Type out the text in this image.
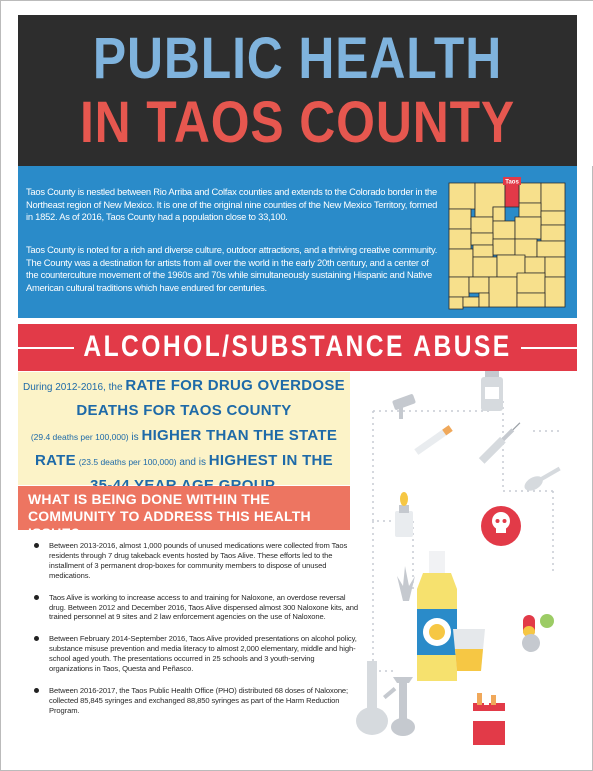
PUBLIC HEALTH
IN TAOS COUNTY

Taos County is nestled between Rio Arriba and Colfax counties and extends to the Colorado border in the Northeast region of New Mexico. It is one of the original nine counties of the New Mexico Territory, formed in 1852. As of 2016, Taos County had a population close to 33,100.

Taos County is noted for a rich and diverse culture, outdoor attractions, and a thriving creative community. The County was a destination for artists from all over the world in the early 20th century, and a center of the counterculture movement of the 1960s and 70s while simultaneously sustaining Hispanic and Native American cultural traditions which have endured for centuries.

Taos
ALCOHOL/SUBSTANCE ABUSE
During 2012-2016, the RATE FOR DRUG OVERDOSE DEATHS FOR TAOS COUNTY
(29.4 deaths per 100,000) is HIGHER THAN THE STATE RATE (23.5 deaths per 100,000) and is HIGHEST IN THE
WHAT IS BEING DONE WITHIN THE COMMUNITY TO ADDRESS THIS HEALTH ISSUE?
Between 2013-2016, almost 1,000 pounds of unused medications were collected from Taos residents through 7 drug takeback events hosted by Taos Alive. These efforts led to the installment of 3 permanent drop-boxes for community members to dispose of unused medications.
Taos Alive is working to increase access to and training for Naloxone, an overdose reversal drug. Between 2012 and December 2016, Taos Alive dispensed almost 300 Naloxone kits, and trained personnel at 9 sites and 2 law enforcement agencies on the use of Naloxone.
Between February 2014-September 2016, Taos Alive provided presentations on alcohol policy, substance misuse prevention and media literacy to almost 2,000 elementary, middle and high-school aged youth. The presentations occurred in 25 schools and 3 youth-serving organizations in Taos, Questa and Peñasco.
Between 2016-2017, the Taos Public Health Office (PHO) distributed 68 doses of Naloxone; collected 85,845 syringes and exchanged 88,850 syringes as part of the Harm Reduction Program.
